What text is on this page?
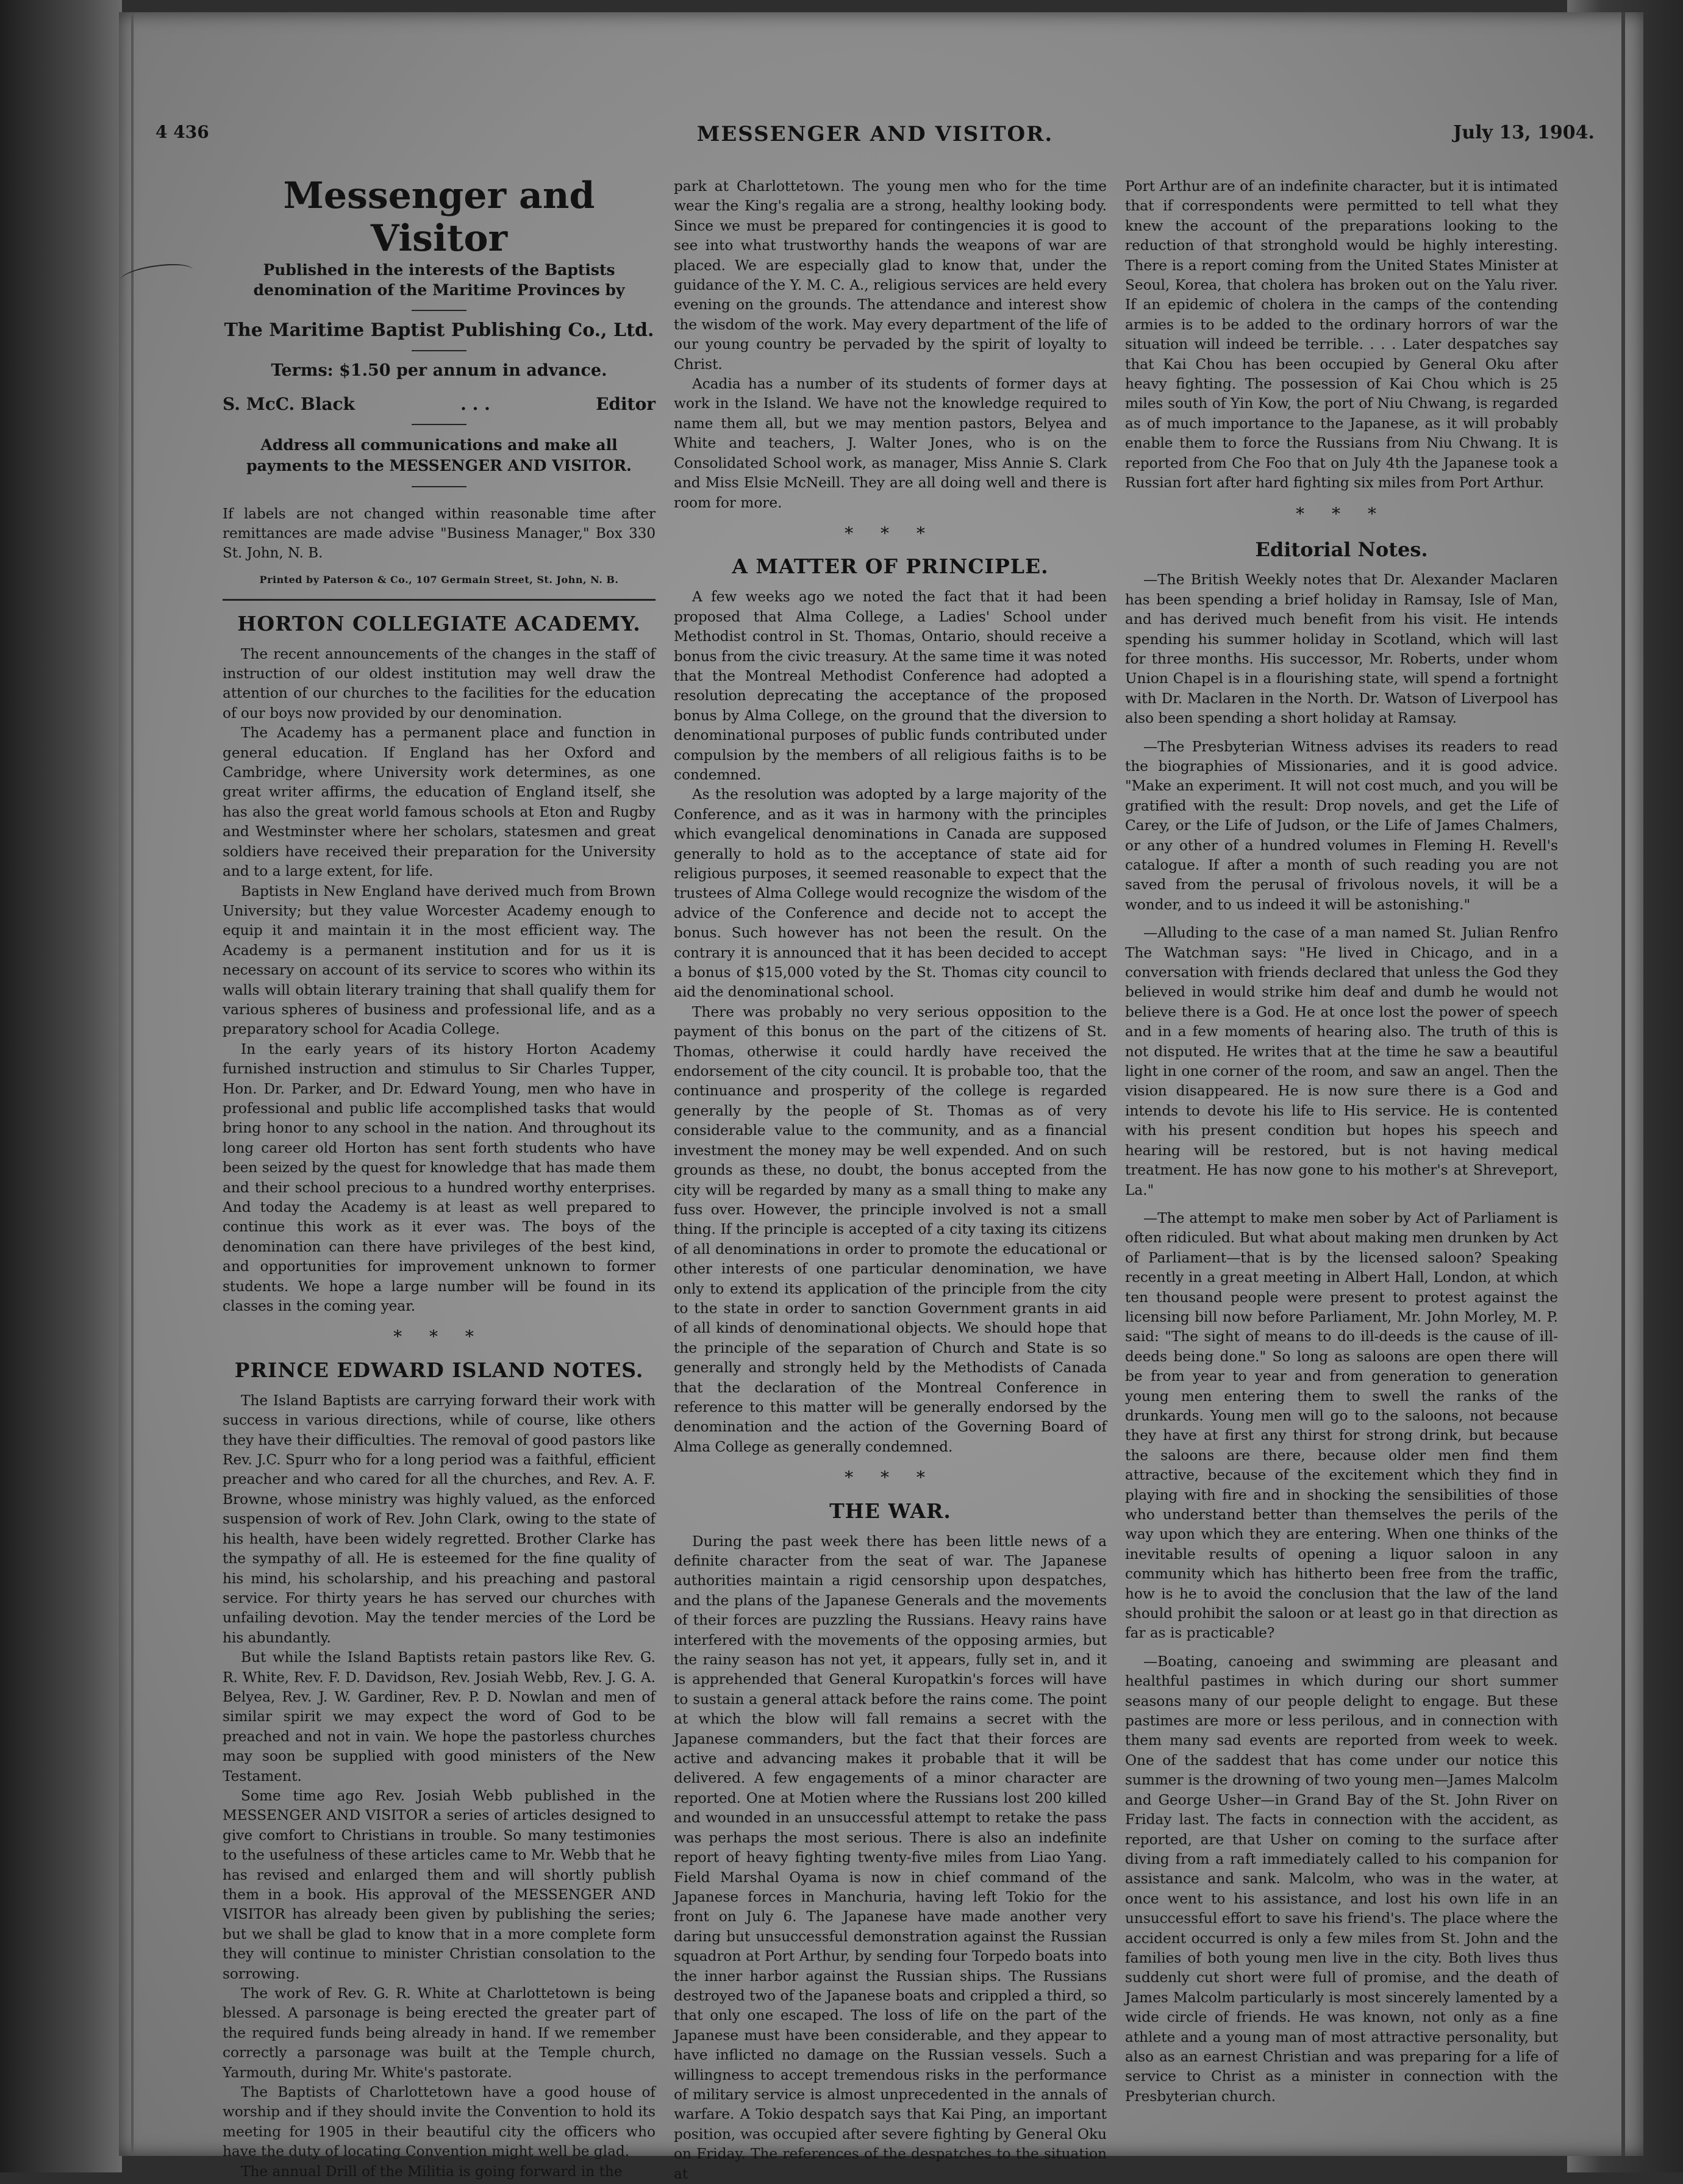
MESSENGER AND VISITOR.
4 436	July 13, 1904.
Messenger and Visitor
Published in the interests of the Baptists denomination of the Maritime Provinces by
The Maritime Baptist Publishing Co., Ltd.
Terms: $1.50 per annum in advance.
S. McC. Black	. . .	Editor
Address all communications and make all payments to the MESSENGER AND VISITOR.
If labels are not changed within reasonable time after remittances are made advise "Business Manager," Box 330 St. John, N. B.
Printed by Paterson & Co., 107 Germain Street, St. John, N. B.
HORTON COLLEGIATE ACADEMY.

The recent announcements of the changes in the staff of instruction of our oldest institution may well draw the attention of our churches to the facilities for the education of our boys now provided by our denomination.

The Academy has a permanent place and function in general education. If England has her Oxford and Cambridge, where University work determines, as one great writer affirms, the education of England itself, she has also the great world famous schools at Eton and Rugby and Westminster where her scholars, statesmen and great soldiers have received their preparation for the University and to a large extent, for life.

Baptists in New England have derived much from Brown University; but they value Worcester Academy enough to equip it and maintain it in the most efficient way. The Academy is a permanent institution and for us it is necessary on account of its service to scores who within its walls will obtain literary training that shall qualify them for various spheres of business and professional life, and as a preparatory school for Acadia College.

In the early years of its history Horton Academy furnished instruction and stimulus to Sir Charles Tupper, Hon. Dr. Parker, and Dr. Edward Young, men who have in professional and public life accomplished tasks that would bring honor to any school in the nation. And throughout its long career old Horton has sent forth students who have been seized by the quest for knowledge that has made them and their school precious to a hundred worthy enterprises. And today the Academy is at least as well prepared to continue this work as it ever was. The boys of the denomination can there have privileges of the best kind, and opportunities for improvement unknown to former students. We hope a large number will be found in its classes in the coming year.

* * *
PRINCE EDWARD ISLAND NOTES.

The Island Baptists are carrying forward their work with success in various directions, while of course, like others they have their difficulties. The removal of good pastors like Rev. J.C. Spurr who for a long period was a faithful, efficient preacher and who cared for all the churches, and Rev. A. F. Browne, whose ministry was highly valued, as the enforced suspension of work of Rev. John Clark, owing to the state of his health, have been widely regretted. Brother Clarke has the sympathy of all. He is esteemed for the fine quality of his mind, his scholarship, and his preaching and pastoral service. For thirty years he has served our churches with unfailing devotion. May the tender mercies of the Lord be his abundantly.

But while the Island Baptists retain pastors like Rev. G. R. White, Rev. F. D. Davidson, Rev. Josiah Webb, Rev. J. G. A. Belyea, Rev. J. W. Gardiner, Rev. P. D. Nowlan and men of similar spirit we may expect the word of God to be preached and not in vain. We hope the pastorless churches may soon be supplied with good ministers of the New Testament.

Some time ago Rev. Josiah Webb published in the MESSENGER AND VISITOR a series of articles designed to give comfort to Christians in trouble. So many testimonies to the usefulness of these articles came to Mr. Webb that he has revised and enlarged them and will shortly publish them in a book. His approval of the MESSENGER AND VISITOR has already been given by publishing the series; but we shall be glad to know that in a more complete form they will continue to minister Christian consolation to the sorrowing.

The work of Rev. G. R. White at Charlottetown is being blessed. A parsonage is being erected the greater part of the required funds being already in hand. If we remember correctly a parsonage was built at the Temple church, Yarmouth, during Mr. White's pastorate.

The Baptists of Charlottetown have a good house of worship and if they should invite the Convention to hold its meeting for 1905 in their beautiful city the officers who have the duty of locating Convention might well be glad.

The annual Drill of the Militia is going forward in the

park at Charlottetown. The young men who for the time wear the King's regalia are a strong, healthy looking body. Since we must be prepared for contingencies it is good to see into what trustworthy hands the weapons of war are placed. We are especially glad to know that, under the guidance of the Y. M. C. A., religious services are held every evening on the grounds. The attendance and interest show the wisdom of the work. May every department of the life of our young country be pervaded by the spirit of loyalty to Christ.

Acadia has a number of its students of former days at work in the Island. We have not the knowledge required to name them all, but we may mention pastors, Belyea and White and teachers, J. Walter Jones, who is on the Consolidated School work, as manager, Miss Annie S. Clark and Miss Elsie McNeill. They are all doing well and there is room for more.

* * *
A MATTER OF PRINCIPLE.

A few weeks ago we noted the fact that it had been proposed that Alma College, a Ladies' School under Methodist control in St. Thomas, Ontario, should receive a bonus from the civic treasury. At the same time it was noted that the Montreal Methodist Conference had adopted a resolution deprecating the acceptance of the proposed bonus by Alma College, on the ground that the diversion to denominational purposes of public funds contributed under compulsion by the members of all religious faiths is to be condemned.

As the resolution was adopted by a large majority of the Conference, and as it was in harmony with the principles which evangelical denominations in Canada are supposed generally to hold as to the acceptance of state aid for religious purposes, it seemed reasonable to expect that the trustees of Alma College would recognize the wisdom of the advice of the Conference and decide not to accept the bonus. Such however has not been the result. On the contrary it is announced that it has been decided to accept a bonus of $15,000 voted by the St. Thomas city council to aid the denominational school.

There was probably no very serious opposition to the payment of this bonus on the part of the citizens of St. Thomas, otherwise it could hardly have received the endorsement of the city council. It is probable too, that the continuance and prosperity of the college is regarded generally by the people of St. Thomas as of very considerable value to the community, and as a financial investment the money may be well expended. And on such grounds as these, no doubt, the bonus accepted from the city will be regarded by many as a small thing to make any fuss over. However, the principle involved is not a small thing. If the principle is accepted of a city taxing its citizens of all denominations in order to promote the educational or other interests of one particular denomination, we have only to extend its application of the principle from the city to the state in order to sanction Government grants in aid of all kinds of denominational objects. We should hope that the principle of the separation of Church and State is so generally and strongly held by the Methodists of Canada that the declaration of the Montreal Conference in reference to this matter will be generally endorsed by the denomination and the action of the Governing Board of Alma College as generally condemned.

* * *
THE WAR.

During the past week there has been little news of a definite character from the seat of war. The Japanese authorities maintain a rigid censorship upon despatches, and the plans of the Japanese Generals and the movements of their forces are puzzling the Russians. Heavy rains have interfered with the movements of the opposing armies, but the rainy season has not yet, it appears, fully set in, and it is apprehended that General Kuropatkin's forces will have to sustain a general attack before the rains come. The point at which the blow will fall remains a secret with the Japanese commanders, but the fact that their forces are active and advancing makes it probable that it will be delivered. A few engagements of a minor character are reported. One at Motien where the Russians lost 200 killed and wounded in an unsuccessful attempt to retake the pass was perhaps the most serious. There is also an indefinite report of heavy fighting twenty-five miles from Liao Yang. Field Marshal Oyama is now in chief command of the Japanese forces in Manchuria, having left Tokio for the front on July 6. The Japanese have made another very daring but unsuccessful demonstration against the Russian squadron at Port Arthur, by sending four Torpedo boats into the inner harbor against the Russian ships. The Russians destroyed two of the Japanese boats and crippled a third, so that only one escaped. The loss of life on the part of the Japanese must have been considerable, and they appear to have inflicted no damage on the Russian vessels. Such a willingness to accept tremendous risks in the performance of military service is almost unprecedented in the annals of warfare. A Tokio despatch says that Kai Ping, an important position, was occupied after severe fighting by General Oku on Friday. The references of the despatches to the situation at

Port Arthur are of an indefinite character, but it is intimated that if correspondents were permitted to tell what they knew the account of the preparations looking to the reduction of that stronghold would be highly interesting. There is a report coming from the United States Minister at Seoul, Korea, that cholera has broken out on the Yalu river. If an epidemic of cholera in the camps of the contending armies is to be added to the ordinary horrors of war the situation will indeed be terrible. . . . Later despatches say that Kai Chou has been occupied by General Oku after heavy fighting. The possession of Kai Chou which is 25 miles south of Yin Kow, the port of Niu Chwang, is regarded as of much importance to the Japanese, as it will probably enable them to force the Russians from Niu Chwang. It is reported from Che Foo that on July 4th the Japanese took a Russian fort after hard fighting six miles from Port Arthur.

* * *
Editorial Notes.

—The British Weekly notes that Dr. Alexander Maclaren has been spending a brief holiday in Ramsay, Isle of Man, and has derived much benefit from his visit. He intends spending his summer holiday in Scotland, which will last for three months. His successor, Mr. Roberts, under whom Union Chapel is in a flourishing state, will spend a fortnight with Dr. Maclaren in the North. Dr. Watson of Liverpool has also been spending a short holiday at Ramsay.

—The Presbyterian Witness advises its readers to read the biographies of Missionaries, and it is good advice. "Make an experiment. It will not cost much, and you will be gratified with the result: Drop novels, and get the Life of Carey, or the Life of Judson, or the Life of James Chalmers, or any other of a hundred volumes in Fleming H. Revell's catalogue. If after a month of such reading you are not saved from the perusal of frivolous novels, it will be a wonder, and to us indeed it will be astonishing."

—Alluding to the case of a man named St. Julian Renfro The Watchman says: "He lived in Chicago, and in a conversation with friends declared that unless the God they believed in would strike him deaf and dumb he would not believe there is a God. He at once lost the power of speech and in a few moments of hearing also. The truth of this is not disputed. He writes that at the time he saw a beautiful light in one corner of the room, and saw an angel. Then the vision disappeared. He is now sure there is a God and intends to devote his life to His service. He is contented with his present condition but hopes his speech and hearing will be restored, but is not having medical treatment. He has now gone to his mother's at Shreveport, La."

—The attempt to make men sober by Act of Parliament is often ridiculed. But what about making men drunken by Act of Parliament—that is by the licensed saloon? Speaking recently in a great meeting in Albert Hall, London, at which ten thousand people were present to protest against the licensing bill now before Parliament, Mr. John Morley, M. P. said: "The sight of means to do ill-deeds is the cause of ill-deeds being done." So long as saloons are open there will be from year to year and from generation to generation young men entering them to swell the ranks of the drunkards. Young men will go to the saloons, not because they have at first any thirst for strong drink, but because the saloons are there, because older men find them attractive, because of the excitement which they find in playing with fire and in shocking the sensibilities of those who understand better than themselves the perils of the way upon which they are entering. When one thinks of the inevitable results of opening a liquor saloon in any community which has hitherto been free from the traffic, how is he to avoid the conclusion that the law of the land should prohibit the saloon or at least go in that direction as far as is practicable?

—Boating, canoeing and swimming are pleasant and healthful pastimes in which during our short summer seasons many of our people delight to engage. But these pastimes are more or less perilous, and in connection with them many sad events are reported from week to week. One of the saddest that has come under our notice this summer is the drowning of two young men—James Malcolm and George Usher—in Grand Bay of the St. John River on Friday last. The facts in connection with the accident, as reported, are that Usher on coming to the surface after diving from a raft immediately called to his companion for assistance and sank. Malcolm, who was in the water, at once went to his assistance, and lost his own life in an unsuccessful effort to save his friend's. The place where the accident occurred is only a few miles from St. John and the families of both young men live in the city. Both lives thus suddenly cut short were full of promise, and the death of James Malcolm particularly is most sincerely lamented by a wide circle of friends. He was known, not only as a fine athlete and a young man of most attractive personality, but also as an earnest Christian and was preparing for a life of service to Christ as a minister in connection with the Presbyterian church.
